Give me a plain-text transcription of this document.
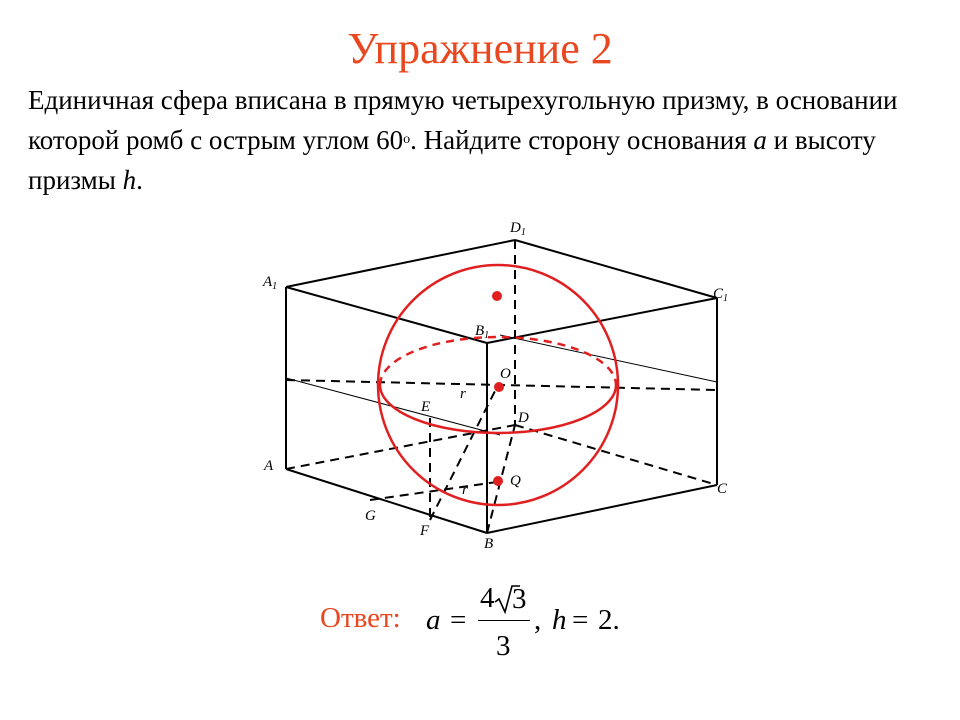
Упражнение 2
Единичная сфера вписана в прямую четырехугольную призму, в основании которой ромб с острым углом 60$^o$. Найдите сторону основания a и высоту призмы h.
$A_1$
$B_1$
$C_1$
$D_1$
A
B
C
D
O
E
F
G
Q
r
r
Ответ: a =
4 3
3
, h = 2.
